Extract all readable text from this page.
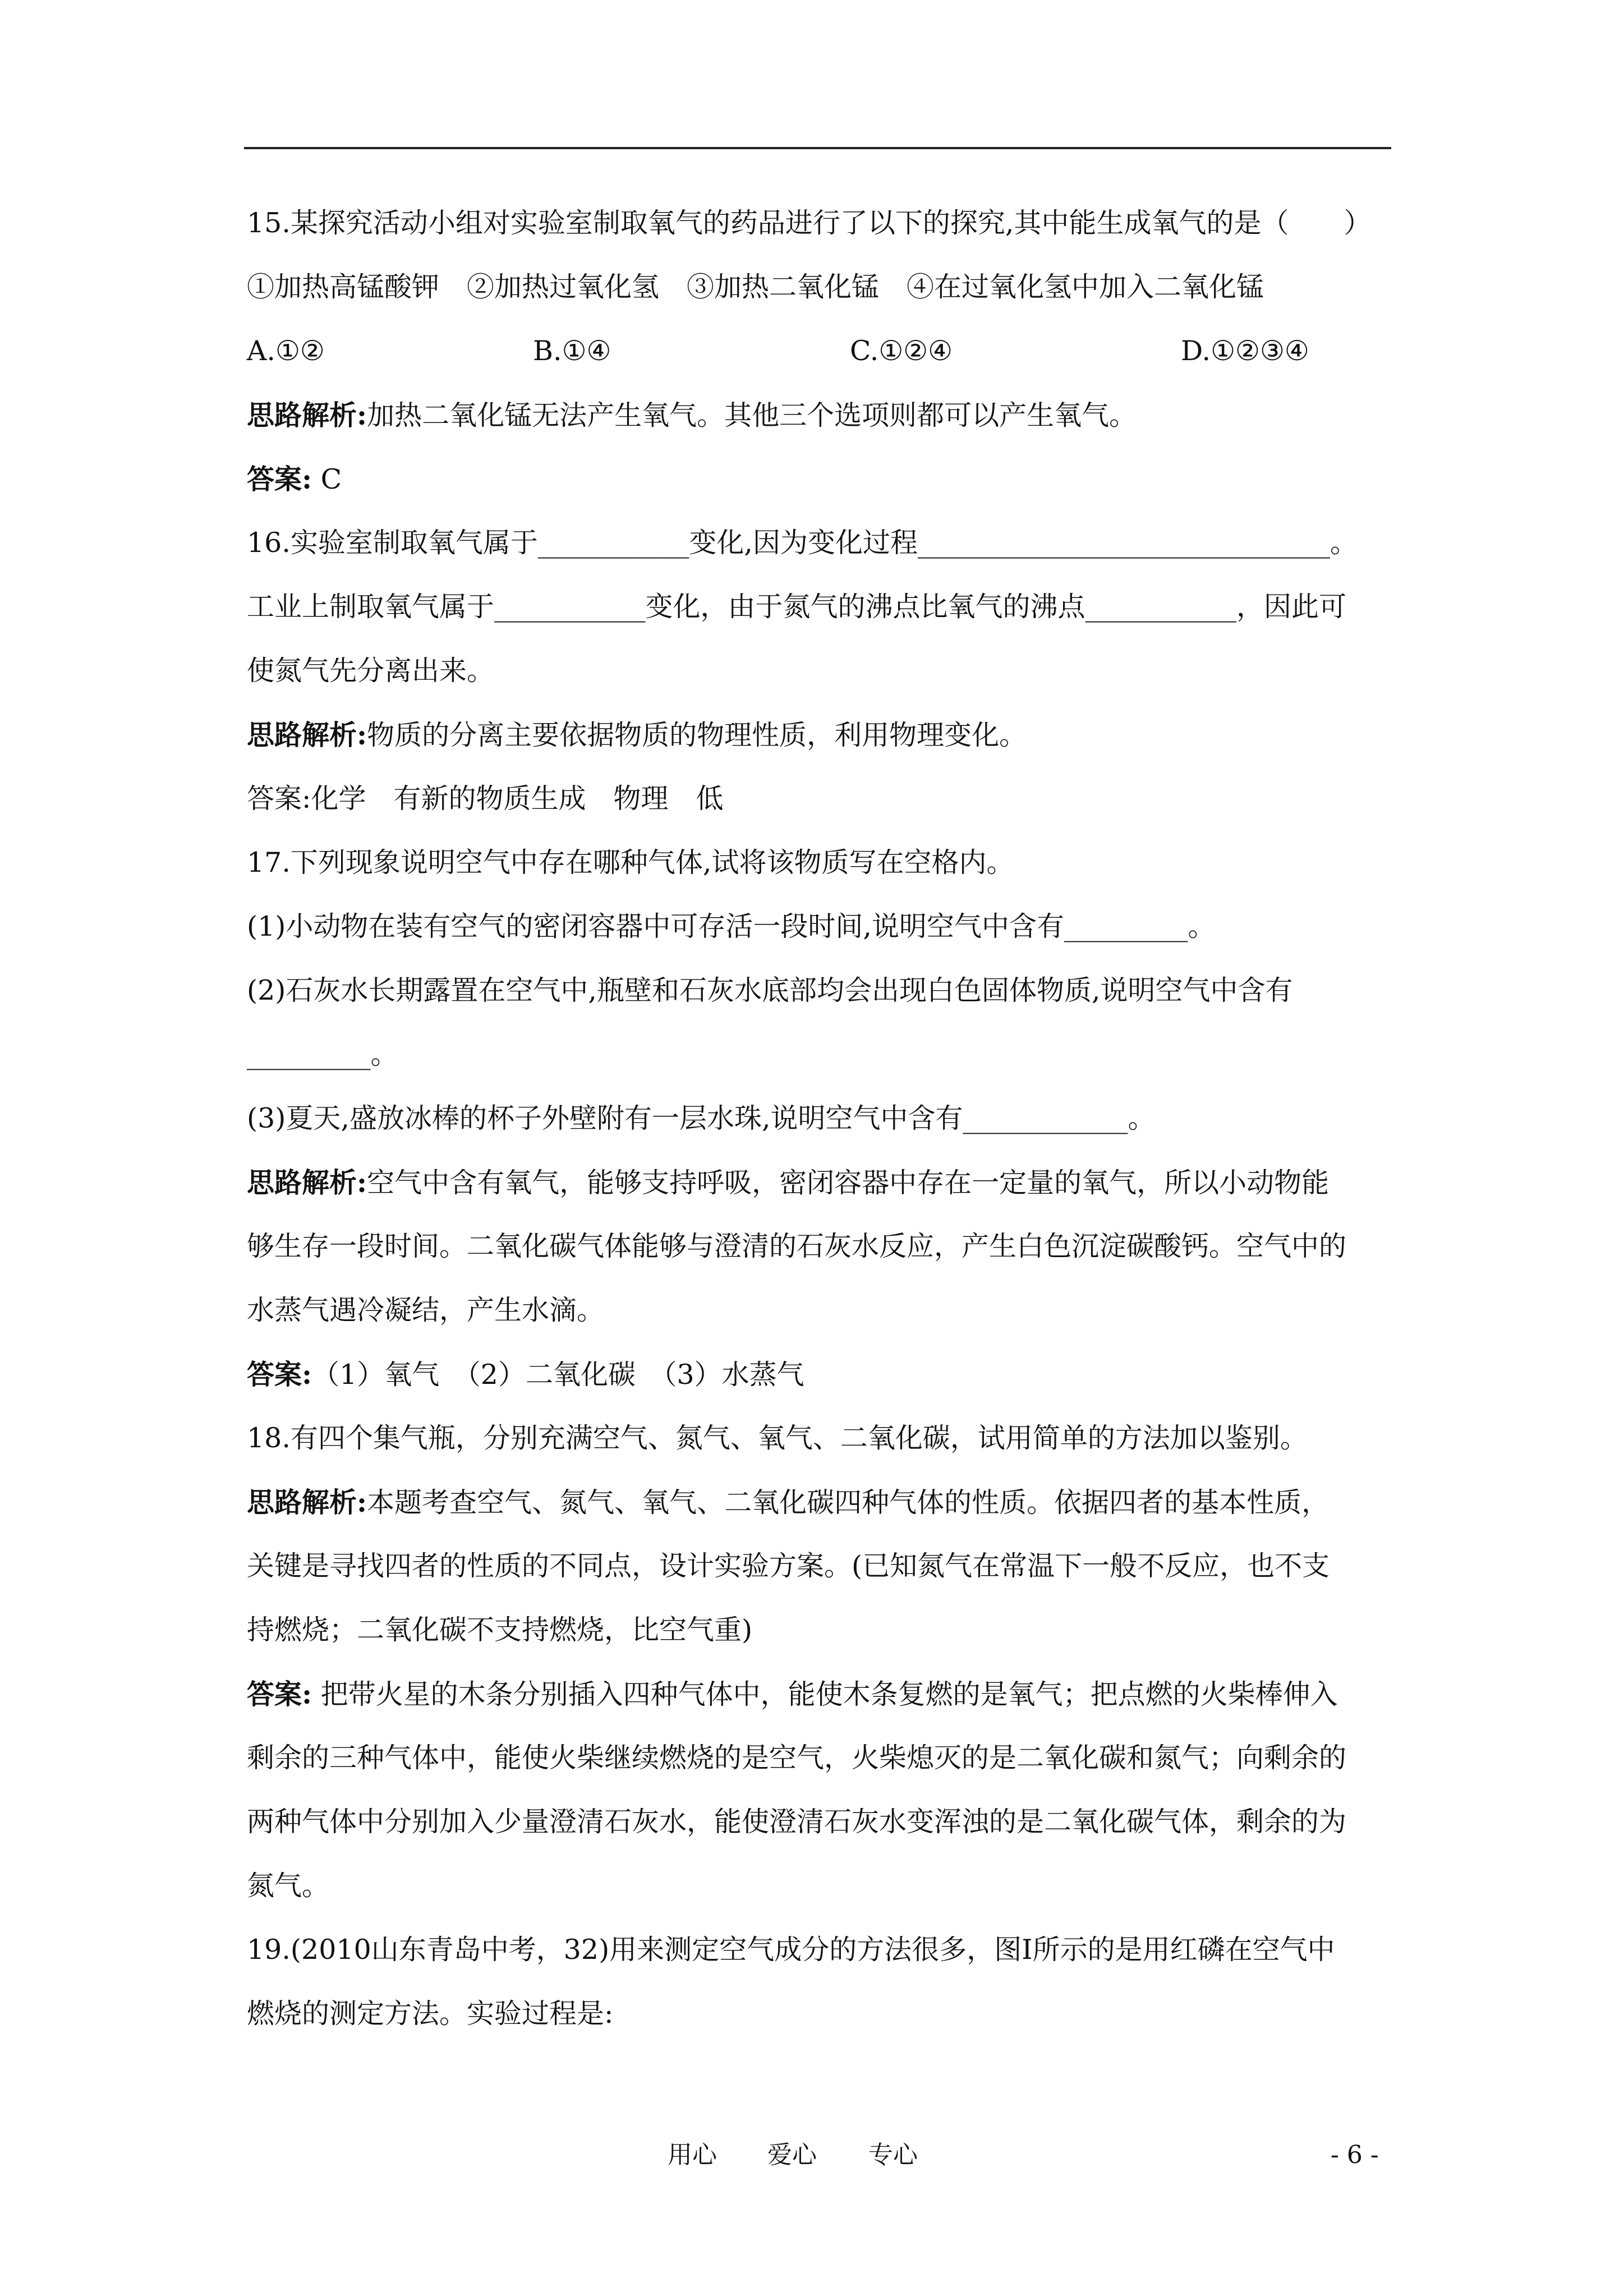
15.某探究活动小组对实验室制取氧气的药品进行了以下的探究,其中能生成氧气的是（　　）
①加热高锰酸钾　②加热过氧化氢　③加热二氧化锰　④在过氧化氢中加入二氧化锰
A.①②	B.①④	C.①②④	D.①②③④
思路解析:加热二氧化锰无法产生氧气。其他三个选项则都可以产生氧气。
答案: C
16.实验室制取氧气属于___________变化,因为变化过程______________________________。
工业上制取氧气属于___________变化，由于氮气的沸点比氧气的沸点___________，因此可
使氮气先分离出来。
思路解析:物质的分离主要依据物质的物理性质，利用物理变化。
答案:化学　有新的物质生成　物理　低
17.下列现象说明空气中存在哪种气体,试将该物质写在空格内。
(1)小动物在装有空气的密闭容器中可存活一段时间,说明空气中含有_________。
(2)石灰水长期露置在空气中,瓶壁和石灰水底部均会出现白色固体物质,说明空气中含有
_________。
(3)夏天,盛放冰棒的杯子外壁附有一层水珠,说明空气中含有____________。
思路解析:空气中含有氧气，能够支持呼吸，密闭容器中存在一定量的氧气，所以小动物能
够生存一段时间。二氧化碳气体能够与澄清的石灰水反应，产生白色沉淀碳酸钙。空气中的
水蒸气遇冷凝结，产生水滴。
答案:（1）氧气　（2）二氧化碳　（3）水蒸气
18.有四个集气瓶，分别充满空气、氮气、氧气、二氧化碳，试用简单的方法加以鉴别。
思路解析:本题考查空气、氮气、氧气、二氧化碳四种气体的性质。依据四者的基本性质，
关键是寻找四者的性质的不同点，设计实验方案。(已知氮气在常温下一般不反应，也不支
持燃烧；二氧化碳不支持燃烧，比空气重)
答案: 把带火星的木条分别插入四种气体中，能使木条复燃的是氧气；把点燃的火柴棒伸入
剩余的三种气体中，能使火柴继续燃烧的是空气，火柴熄灭的是二氧化碳和氮气；向剩余的
两种气体中分别加入少量澄清石灰水，能使澄清石灰水变浑浊的是二氧化碳气体，剩余的为
氮气。
19.(2010山东青岛中考，32)用来测定空气成分的方法很多，图Ⅰ所示的是用红磷在空气中
燃烧的测定方法。实验过程是:
用心 爱心 专心	- 6 -
